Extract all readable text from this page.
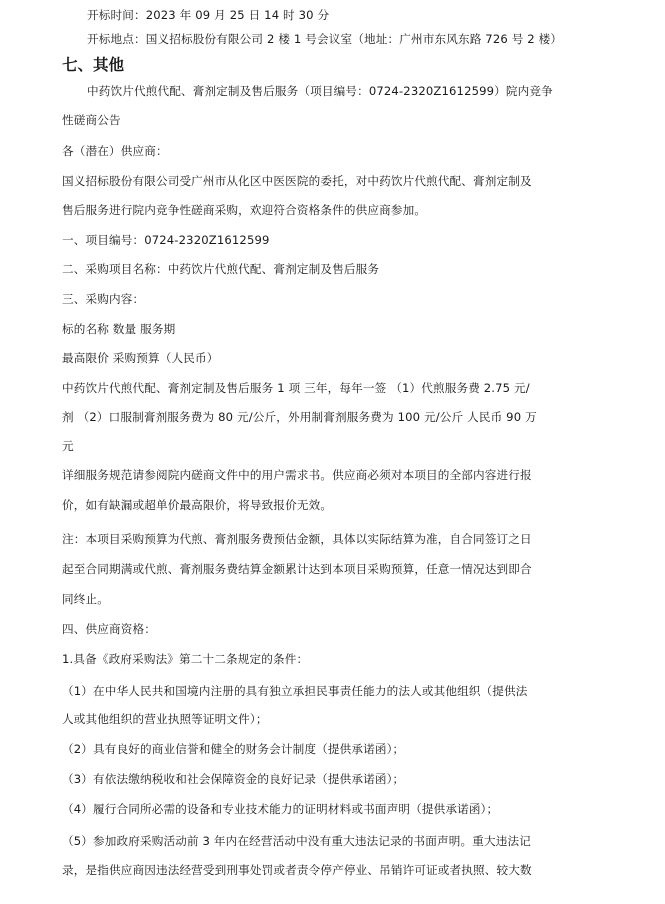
开标时间：2023 年 09 月 25 日 14 时 30 分
开标地点：国义招标股份有限公司 2 楼 1 号会议室（地址：广州市东风东路 726 号 2 楼）
七、其他
中药饮片代煎代配、膏剂定制及售后服务（项目编号：0724-2320Z1612599）院内竞争
性磋商公告
各（潜在）供应商：
国义招标股份有限公司受广州市从化区中医医院的委托，对中药饮片代煎代配、膏剂定制及
售后服务进行院内竞争性磋商采购，欢迎符合资格条件的供应商参加。
一、项目编号：0724-2320Z1612599
二、采购项目名称：中药饮片代煎代配、膏剂定制及售后服务
三、采购内容：
标的名称 数量 服务期
最高限价 采购预算（人民币）
中药饮片代煎代配、膏剂定制及售后服务 1 项 三年，每年一签 （1）代煎服务费 2.75 元/
剂 （2）口服制膏剂服务费为 80 元/公斤，外用制膏剂服务费为 100 元/公斤 人民币 90 万
元
详细服务规范请参阅院内磋商文件中的用户需求书。供应商必须对本项目的全部内容进行报
价，如有缺漏或超单价最高限价，将导致报价无效。
注：本项目采购预算为代煎、膏剂服务费预估金额，具体以实际结算为准，自合同签订之日
起至合同期满或代煎、膏剂服务费结算金额累计达到本项目采购预算，任意一情况达到即合
同终止。
四、供应商资格：
1.具备《政府采购法》第二十二条规定的条件：
（1）在中华人民共和国境内注册的具有独立承担民事责任能力的法人或其他组织（提供法
人或其他组织的营业执照等证明文件）；
（2）具有良好的商业信誉和健全的财务会计制度（提供承诺函）；
（3）有依法缴纳税收和社会保障资金的良好记录（提供承诺函）；
（4）履行合同所必需的设备和专业技术能力的证明材料或书面声明（提供承诺函）；
（5）参加政府采购活动前 3 年内在经营活动中没有重大违法记录的书面声明。重大违法记
录，是指供应商因违法经营受到刑事处罚或者责令停产停业、吊销许可证或者执照、较大数
